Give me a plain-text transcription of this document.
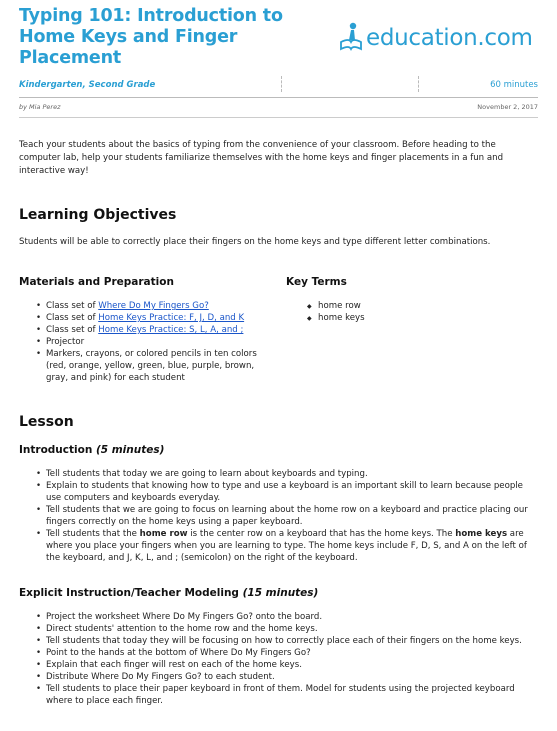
Typing 101: Introduction to Home Keys and Finger Placement
education.com
Kindergarten, Second Grade	60 minutes
by Mia Perez	November 2, 2017
Teach your students about the basics of typing from the convenience of your classroom. Before heading to the computer lab, help your students familiarize themselves with the home keys and finger placements in a fun and interactive way!
Learning Objectives
Students will be able to correctly place their fingers on the home keys and type different letter combinations.
Materials and Preparation
• Class set of Where Do My Fingers Go?
• Class set of Home Keys Practice: F, J, D, and K
• Class set of Home Keys Practice: S, L, A, and ;
• Projector
• Markers, crayons, or colored pencils in ten colors (red, orange, yellow, green, blue, purple, brown, gray, and pink) for each student
Key Terms
◆ home row
◆ home keys
Lesson
Introduction (5 minutes)
• Tell students that today we are going to learn about keyboards and typing.
• Explain to students that knowing how to type and use a keyboard is an important skill to learn because people use computers and keyboards everyday.
• Tell students that we are going to focus on learning about the home row on a keyboard and practice placing our fingers correctly on the home keys using a paper keyboard.
• Tell students that the home row is the center row on a keyboard that has the home keys. The home keys are where you place your fingers when you are learning to type. The home keys include F, D, S, and A on the left of the keyboard, and J, K, L, and ; (semicolon) on the right of the keyboard.
Explicit Instruction/Teacher Modeling (15 minutes)
• Project the worksheet Where Do My Fingers Go? onto the board.
• Direct students' attention to the home row and the home keys.
• Tell students that today they will be focusing on how to correctly place each of their fingers on the home keys.
• Point to the hands at the bottom of Where Do My Fingers Go?
• Explain that each finger will rest on each of the home keys.
• Distribute Where Do My Fingers Go? to each student.
• Tell students to place their paper keyboard in front of them. Model for students using the projected keyboard where to place each finger.
